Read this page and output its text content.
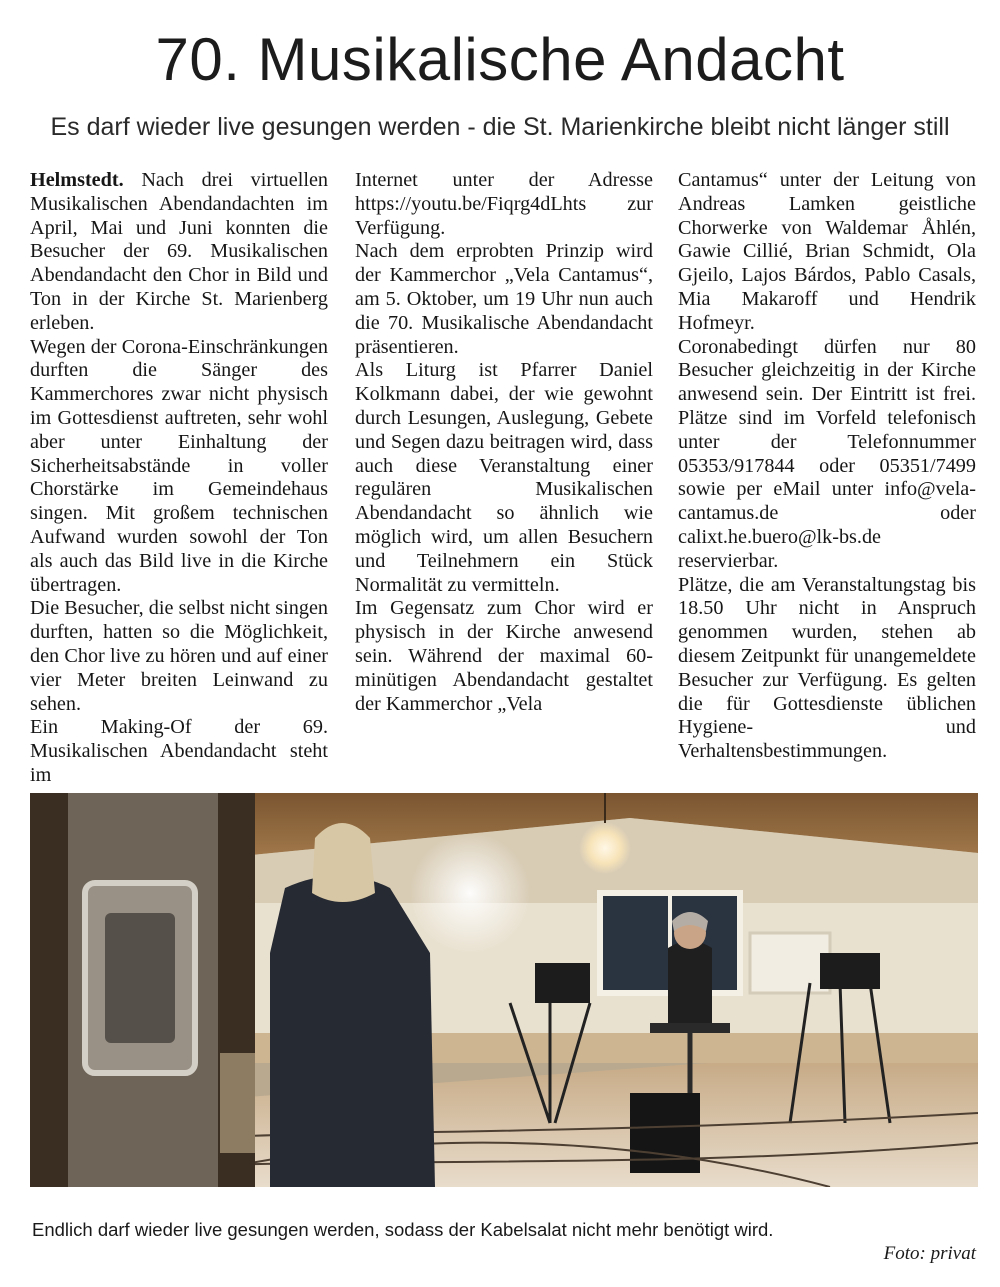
70. Musikalische Andacht
Es darf wieder live gesungen werden - die St. Marienkirche bleibt nicht länger still

Helmstedt. Nach drei virtuellen Musikalischen Abendandachten im April, Mai und Juni konnten die Besucher der 69. Musikalischen Abendandacht den Chor in Bild und Ton in der Kirche St. Marienberg erleben.

Wegen der Corona-Einschränkungen durften die Sänger des Kammerchores zwar nicht physisch im Gottesdienst auftreten, sehr wohl aber unter Einhaltung der Sicherheitsabstände in voller Chorstärke im Gemeindehaus singen. Mit großem technischen Aufwand wurden sowohl der Ton als auch das Bild live in die Kirche übertragen.

Die Besucher, die selbst nicht singen durften, hatten so die Möglichkeit, den Chor live zu hören und auf einer vier Meter breiten Leinwand zu sehen.

Ein Making-Of der 69. Musikalischen Abendandacht steht im

Internet unter der Adresse https://youtu.be/Fiqrg4dLhts zur Verfügung.

Nach dem erprobten Prinzip wird der Kammerchor „Vela Cantamus“, am 5. Oktober, um 19 Uhr nun auch die 70. Musikalische Abendandacht präsentieren.

Als Liturg ist Pfarrer Daniel Kolkmann dabei, der wie gewohnt durch Lesungen, Auslegung, Gebete und Segen dazu beitragen wird, dass auch diese Veranstaltung einer regulären Musikalischen Abendandacht so ähnlich wie möglich wird, um allen Besuchern und Teilnehmern ein Stück Normalität zu vermitteln.

Im Gegensatz zum Chor wird er physisch in der Kirche anwesend sein. Während der maximal 60-minütigen Abendandacht gestaltet der Kammerchor „Vela

Cantamus“ unter der Leitung von Andreas Lamken geistliche Chorwerke von Waldemar Åhlén, Gawie Cillié, Brian Schmidt, Ola Gjeilo, Lajos Bárdos, Pablo Casals, Mia Makaroff und Hendrik Hofmeyr.

Coronabedingt dürfen nur 80 Besucher gleichzeitig in der Kirche anwesend sein. Der Eintritt ist frei. Plätze sind im Vorfeld telefonisch unter der Telefonnummer 05353/917844 oder 05351/7499 sowie per eMail unter info@vela-cantamus.de oder calixt.he.buero@lk-bs.de reservierbar.

Plätze, die am Veranstaltungstag bis 18.50 Uhr nicht in Anspruch genommen wurden, stehen ab diesem Zeitpunkt für unangemeldete Besucher zur Verfügung. Es gelten die für Gottesdienste üblichen Hygiene- und Verhaltensbestimmungen.

Endlich darf wieder live gesungen werden, sodass der Kabelsalat nicht mehr benötigt wird.
Foto: privat
